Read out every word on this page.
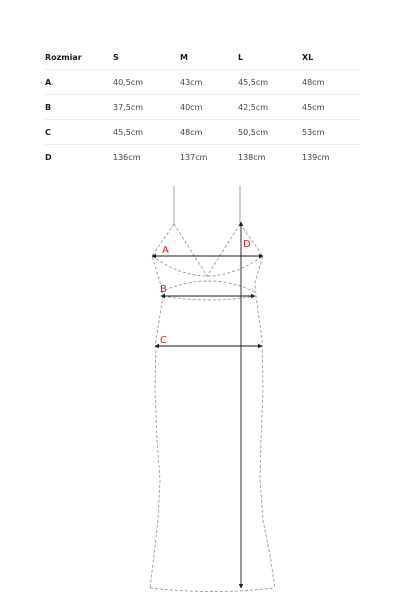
Rozmiar	S	M	L	XL
A	40,5cm	43cm	45,5cm	48cm
B	37,5cm	40cm	42,5cm	45cm
C	45,5cm	48cm	50,5cm	53cm
D	136cm	137cm	138cm	139cm
A
B
C
D
